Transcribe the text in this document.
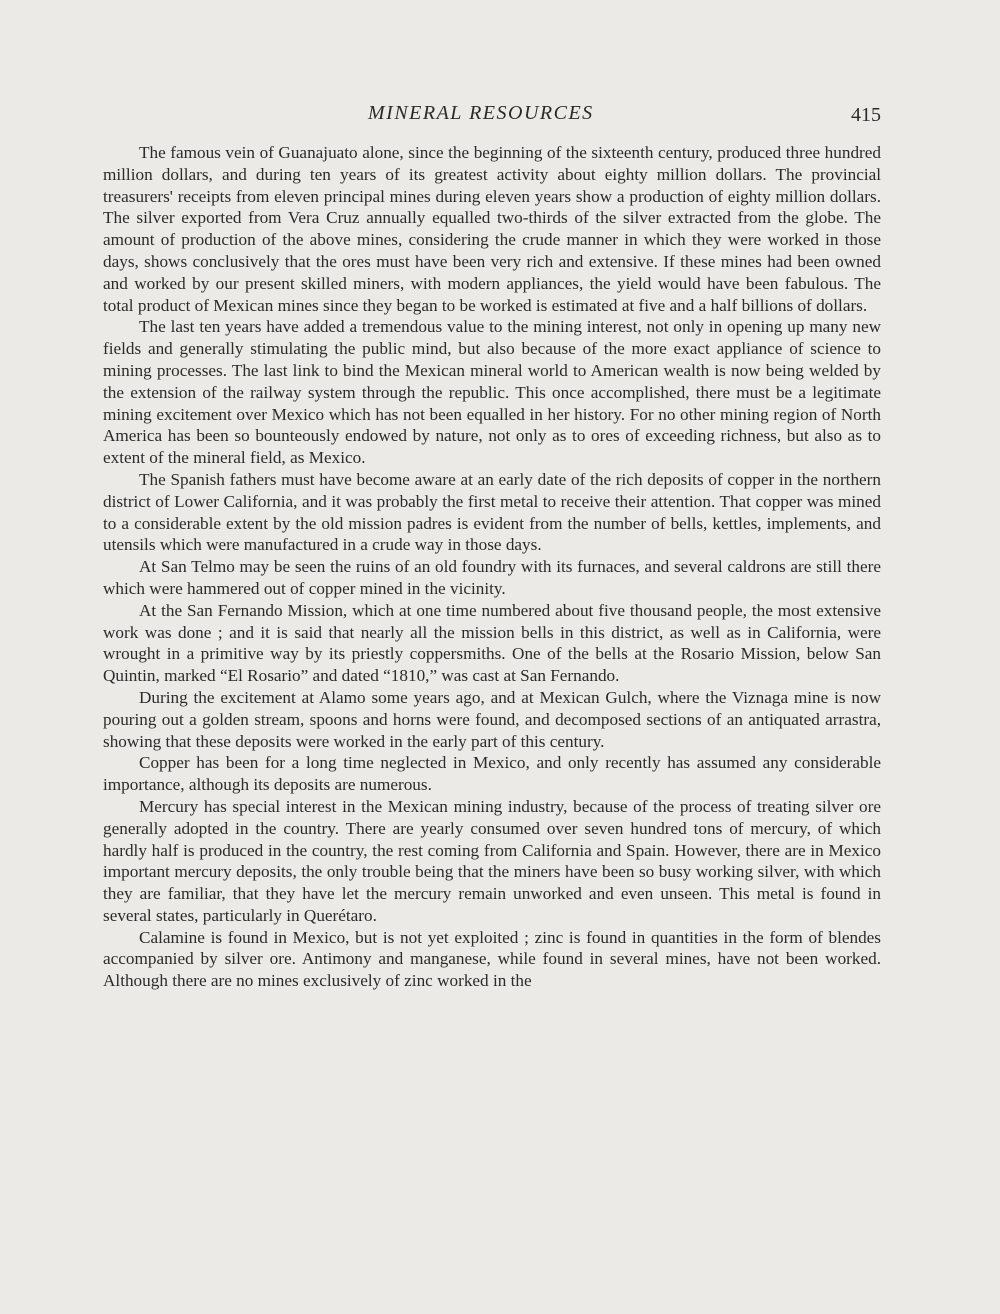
MINERAL RESOURCES	415

The famous vein of Guanajuato alone, since the beginning of the sixteenth century, produced three hundred million dollars, and during ten years of its greatest activity about eighty million dollars. The provincial treasurers' receipts from eleven principal mines during eleven years show a production of eighty million dollars. The silver exported from Vera Cruz annually equalled two-thirds of the silver extracted from the globe. The amount of production of the above mines, considering the crude manner in which they were worked in those days, shows conclusively that the ores must have been very rich and extensive. If these mines had been owned and worked by our present skilled miners, with modern appliances, the yield would have been fabulous. The total product of Mexican mines since they began to be worked is estimated at five and a half billions of dollars.

The last ten years have added a tremendous value to the mining interest, not only in opening up many new fields and generally stimulating the public mind, but also because of the more exact appliance of science to mining processes. The last link to bind the Mexican mineral world to American wealth is now being welded by the extension of the railway system through the republic. This once accomplished, there must be a legitimate mining excitement over Mexico which has not been equalled in her history. For no other mining region of North America has been so bounteously endowed by nature, not only as to ores of exceeding richness, but also as to extent of the mineral field, as Mexico.

The Spanish fathers must have become aware at an early date of the rich deposits of copper in the northern district of Lower California, and it was probably the first metal to receive their attention. That copper was mined to a considerable extent by the old mission padres is evident from the number of bells, kettles, implements, and utensils which were manufactured in a crude way in those days.

At San Telmo may be seen the ruins of an old foundry with its furnaces, and several caldrons are still there which were hammered out of copper mined in the vicinity.

At the San Fernando Mission, which at one time numbered about five thousand people, the most extensive work was done ; and it is said that nearly all the mission bells in this district, as well as in California, were wrought in a primitive way by its priestly coppersmiths. One of the bells at the Rosario Mission, below San Quintin, marked “El Rosario” and dated “1810,” was cast at San Fernando.

During the excitement at Alamo some years ago, and at Mexican Gulch, where the Viznaga mine is now pouring out a golden stream, spoons and horns were found, and decomposed sections of an antiquated arrastra, showing that these deposits were worked in the early part of this century.

Copper has been for a long time neglected in Mexico, and only recently has assumed any considerable importance, although its deposits are numerous.

Mercury has special interest in the Mexican mining industry, because of the process of treating silver ore generally adopted in the country. There are yearly consumed over seven hundred tons of mercury, of which hardly half is produced in the country, the rest coming from California and Spain. However, there are in Mexico important mercury deposits, the only trouble being that the miners have been so busy working silver, with which they are familiar, that they have let the mercury remain unworked and even unseen. This metal is found in several states, particularly in Querétaro.

Calamine is found in Mexico, but is not yet exploited ; zinc is found in quantities in the form of blendes accompanied by silver ore. Antimony and manganese, while found in several mines, have not been worked. Although there are no mines exclusively of zinc worked in the
